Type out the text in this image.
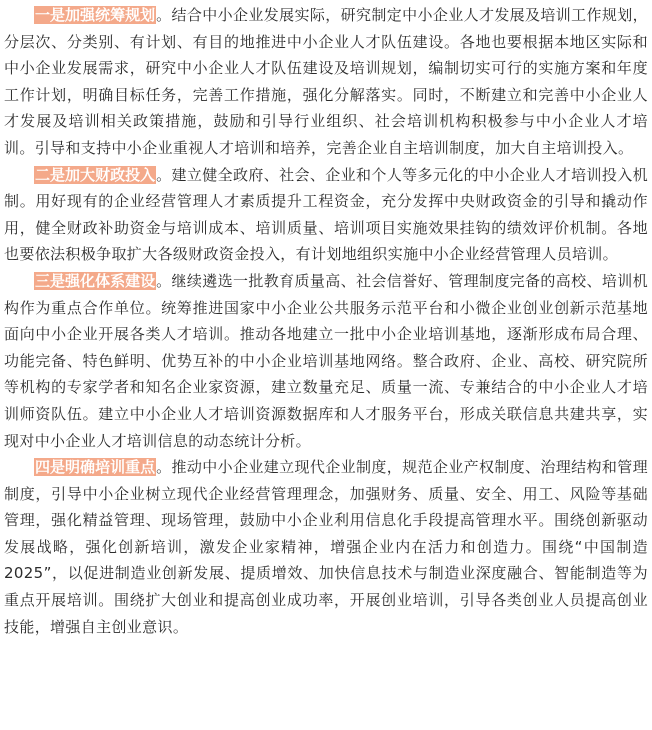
一是加强统筹规划。结合中小企业发展实际，研究制定中小企业人才发展及培训工作规划，分层次、分类别、有计划、有目的地推进中小企业人才队伍建设。各地也要根据本地区实际和中小企业发展需求，研究中小企业人才队伍建设及培训规划，编制切实可行的实施方案和年度工作计划，明确目标任务，完善工作措施，强化分解落实。同时，不断建立和完善中小企业人才发展及培训相关政策措施，鼓励和引导行业组织、社会培训机构积极参与中小企业人才培训。引导和支持中小企业重视人才培训和培养，完善企业自主培训制度，加大自主培训投入。

二是加大财政投入。建立健全政府、社会、企业和个人等多元化的中小企业人才培训投入机制。用好现有的企业经营管理人才素质提升工程资金，充分发挥中央财政资金的引导和撬动作用，健全财政补助资金与培训成本、培训质量、培训项目实施效果挂钩的绩效评价机制。各地也要依法积极争取扩大各级财政资金投入，有计划地组织实施中小企业经营管理人员培训。

三是强化体系建设。继续遴选一批教育质量高、社会信誉好、管理制度完备的高校、培训机构作为重点合作单位。统筹推进国家中小企业公共服务示范平台和小微企业创业创新示范基地面向中小企业开展各类人才培训。推动各地建立一批中小企业培训基地，逐渐形成布局合理、功能完备、特色鲜明、优势互补的中小企业培训基地网络。整合政府、企业、高校、研究院所等机构的专家学者和知名企业家资源，建立数量充足、质量一流、专兼结合的中小企业人才培训师资队伍。建立中小企业人才培训资源数据库和人才服务平台，形成关联信息共建共享，实现对中小企业人才培训信息的动态统计分析。

四是明确培训重点。推动中小企业建立现代企业制度，规范企业产权制度、治理结构和管理制度，引导中小企业树立现代企业经营管理理念，加强财务、质量、安全、用工、风险等基础管理，强化精益管理、现场管理，鼓励中小企业利用信息化手段提高管理水平。围绕创新驱动发展战略，强化创新培训，激发企业家精神，增强企业内在活力和创造力。围绕“中国制造2025”，以促进制造业创新发展、提质增效、加快信息技术与制造业深度融合、智能制造等为重点开展培训。围绕扩大创业和提高创业成功率，开展创业培训，引导各类创业人员提高创业技能，增强自主创业意识。
